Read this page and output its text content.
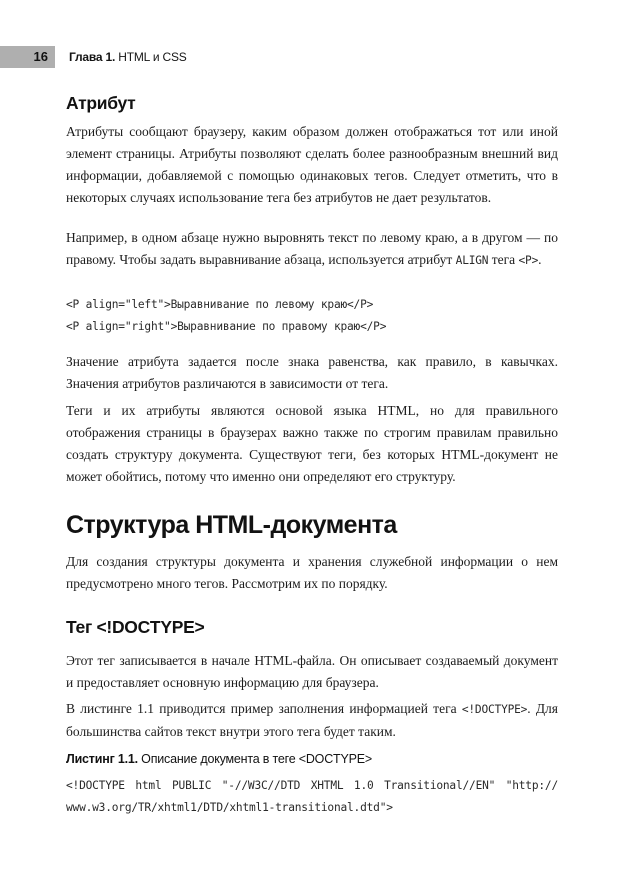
16 Глава 1. HTML и CSS
Атрибут

Атрибуты сообщают браузеру, каким образом должен отображаться тот или иной элемент страницы. Атрибуты позволяют сделать более разнообразным внешний вид информации, добавляемой с помощью одинаковых тегов. Следует отметить, что в некоторых случаях использование тега без атрибутов не дает результатов.

Например, в одном абзаце нужно выровнять текст по левому краю, а в другом — по правому. Чтобы задать выравнивание абзаца, используется атрибут ALIGN тега <P>.

<P align="left">Выравнивание по левому краю</P>
<P align="right">Выравнивание по правому краю</P>

Значение атрибута задается после знака равенства, как правило, в кавычках. Значения атрибутов различаются в зависимости от тега.

Теги и их атрибуты являются основой языка HTML, но для правильного отображения страницы в браузерах важно также по строгим правилам правильно создать структуру документа. Существуют теги, без которых HTML-документ не может обойтись, потому что именно они определяют его структуру.

Структура HTML-документа

Для создания структуры документа и хранения служебной информации о нем предусмотрено много тегов. Рассмотрим их по порядку.

Тег <!DOCTYPE>

Этот тег записывается в начале HTML-файла. Он описывает создаваемый документ и предоставляет основную информацию для браузера.

В листинге 1.1 приводится пример заполнения информацией тега <!DOCTYPE>. Для большинства сайтов текст внутри этого тега будет таким.

Листинг 1.1. Описание документа в теге <DOCTYPE>
<!DOCTYPE html PUBLIC "-//W3C//DTD XHTML 1.0 Transitional//EN" "http://
www.w3.org/TR/xhtml1/DTD/xhtml1-transitional.dtd">
